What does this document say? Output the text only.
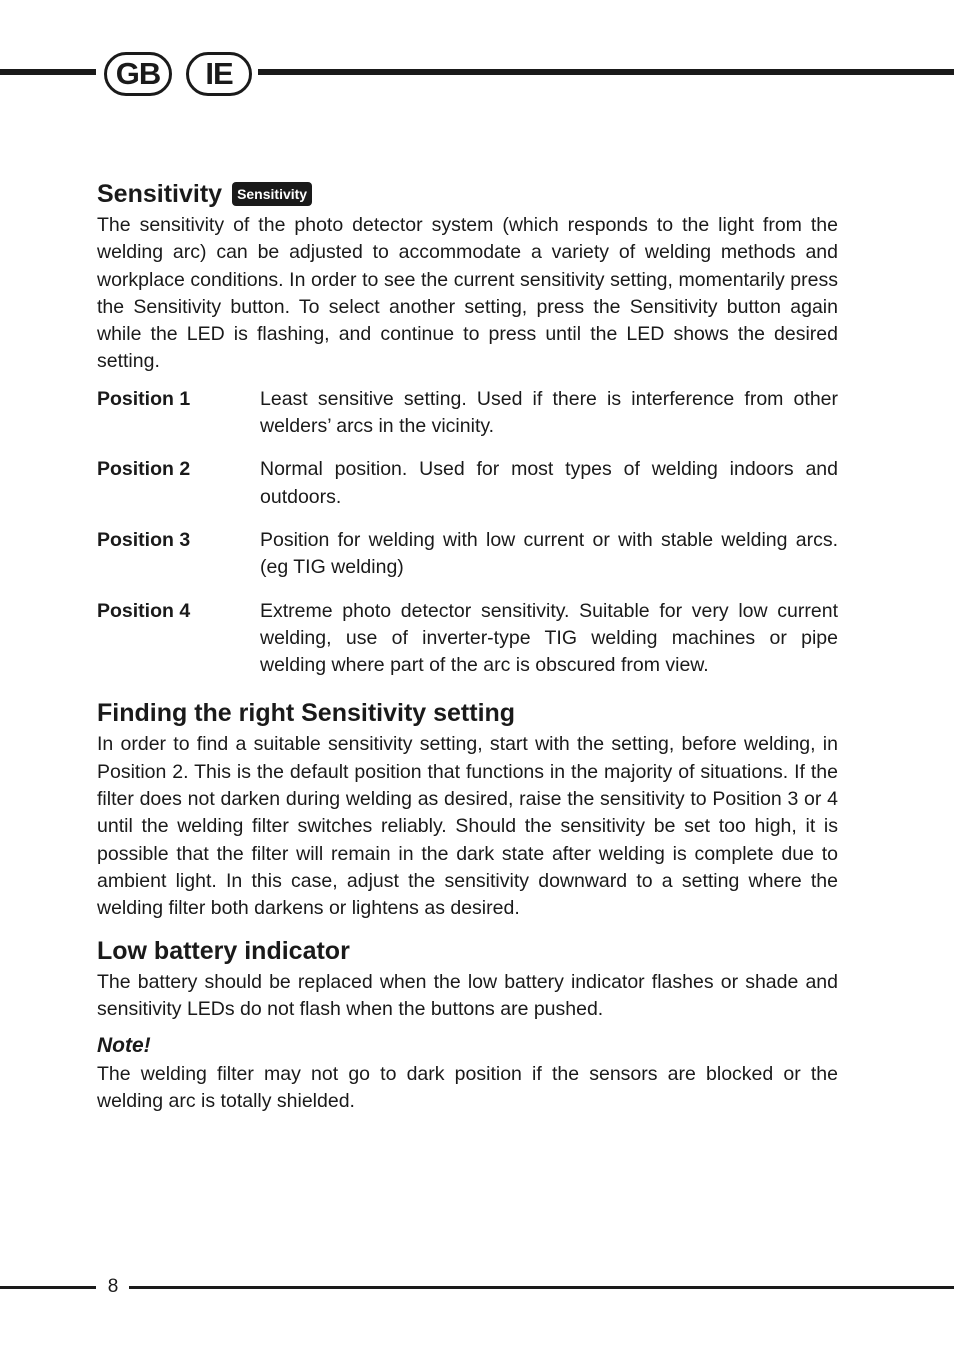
GB	IE
Sensitivity	Sensitivity

The sensitivity of the photo detector system (which responds to the light from the welding arc) can be adjusted to accommodate a variety of welding methods and workplace conditions. In order to see the current sensitivity setting, momentarily press the Sensitivity button. To select another setting, press the Sensitivity button again while the LED is flashing, and continue to press until the LED shows the desired setting.

Position 1	Least sensitive setting. Used if there is interference from other welders’ arcs in the vicinity.
Position 2	Normal position. Used for most types of welding indoors and outdoors.
Position 3	Position for welding with low current or with stable welding arcs. (eg TIG welding)
Position 4	Extreme photo detector sensitivity. Suitable for very low current welding, use of inverter-type TIG welding machines or pipe welding where part of the arc is obscured from view.
Finding the right Sensitivity setting

In order to find a suitable sensitivity setting, start with the setting, before welding, in Position 2. This is the default position that functions in the majority of situations. If the filter does not darken during welding as desired, raise the sensitivity to Position 3 or 4 until the welding filter switches reliably. Should the sensitivity be set too high, it is possible that the filter will remain in the dark state after welding is complete due to ambient light. In this case, adjust the sensitivity downward to a setting where the welding filter both darkens or lightens as desired.

Low battery indicator

The battery should be replaced when the low battery indicator flashes or shade and sensitivity LEDs do not flash when the buttons are pushed.

Note!

The welding filter may not go to dark position if the sensors are blocked or the welding arc is totally shielded.

8
